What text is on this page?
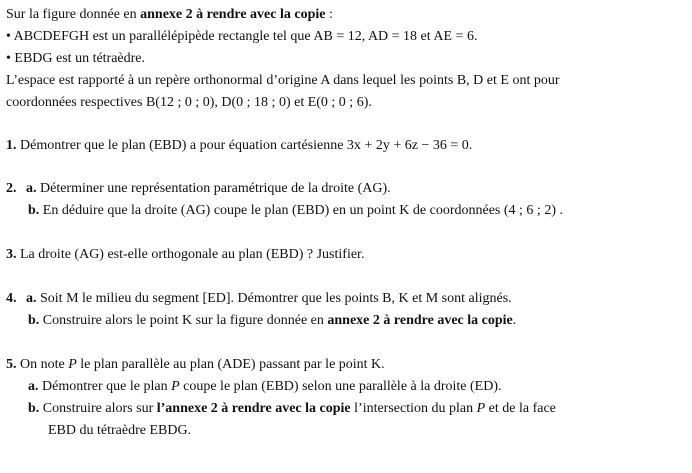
Sur la figure donnée en annexe 2 à rendre avec la copie :
• ABCDEFGH est un parallélépipède rectangle tel que AB = 12, AD = 18 et AE = 6.
• EBDG est un tétraèdre.
L’espace est rapporté à un repère orthonormal d’origine A dans lequel les points B, D et E ont pour
coordonnées respectives B(12 ; 0 ; 0), D(0 ; 18 ; 0) et E(0 ; 0 ; 6).
1. Démontrer que le plan (EBD) a pour équation cartésienne 3x + 2y + 6z − 36 = 0.
2. a. Déterminer une représentation paramétrique de la droite (AG).
b. En déduire que la droite (AG) coupe le plan (EBD) en un point K de coordonnées (4 ; 6 ; 2) .
3. La droite (AG) est-elle orthogonale au plan (EBD) ? Justifier.
4. a. Soit M le milieu du segment [ED]. Démontrer que les points B, K et M sont alignés.
b. Construire alors le point K sur la figure donnée en annexe 2 à rendre avec la copie.
5. On note P le plan parallèle au plan (ADE) passant par le point K.
a. Démontrer que le plan P coupe le plan (EBD) selon une parallèle à la droite (ED).
b. Construire alors sur l’annexe 2 à rendre avec la copie l’intersection du plan P et de la face
EBD du tétraèdre EBDG.
